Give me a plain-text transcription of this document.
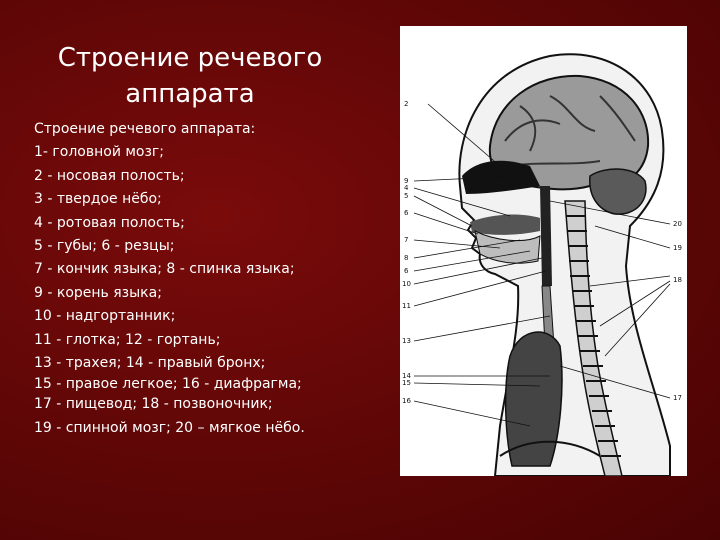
Строение речевого аппарата
Строение речевого аппарата:
1- головной мозг;
2 - носовая полость;
3 - твердое нёбо;
4 - ротовая полость;
5 - губы; 6 - резцы;
7 - кончик языка; 8 - спинка языка;
9 - корень языка;
10 - надгортанник;
11 - глотка; 12 - гортань;
13 - трахея; 14 - правый бронх;
15 - правое легкое; 16 - диафрагма;
17 - пищевод; 18 - позвоночник;
19 - спинной мозг; 20 – мягкое нёбо.
2
9
4
5
6
7
8
6
10
11
13
14
15
16
20
19
18
17
